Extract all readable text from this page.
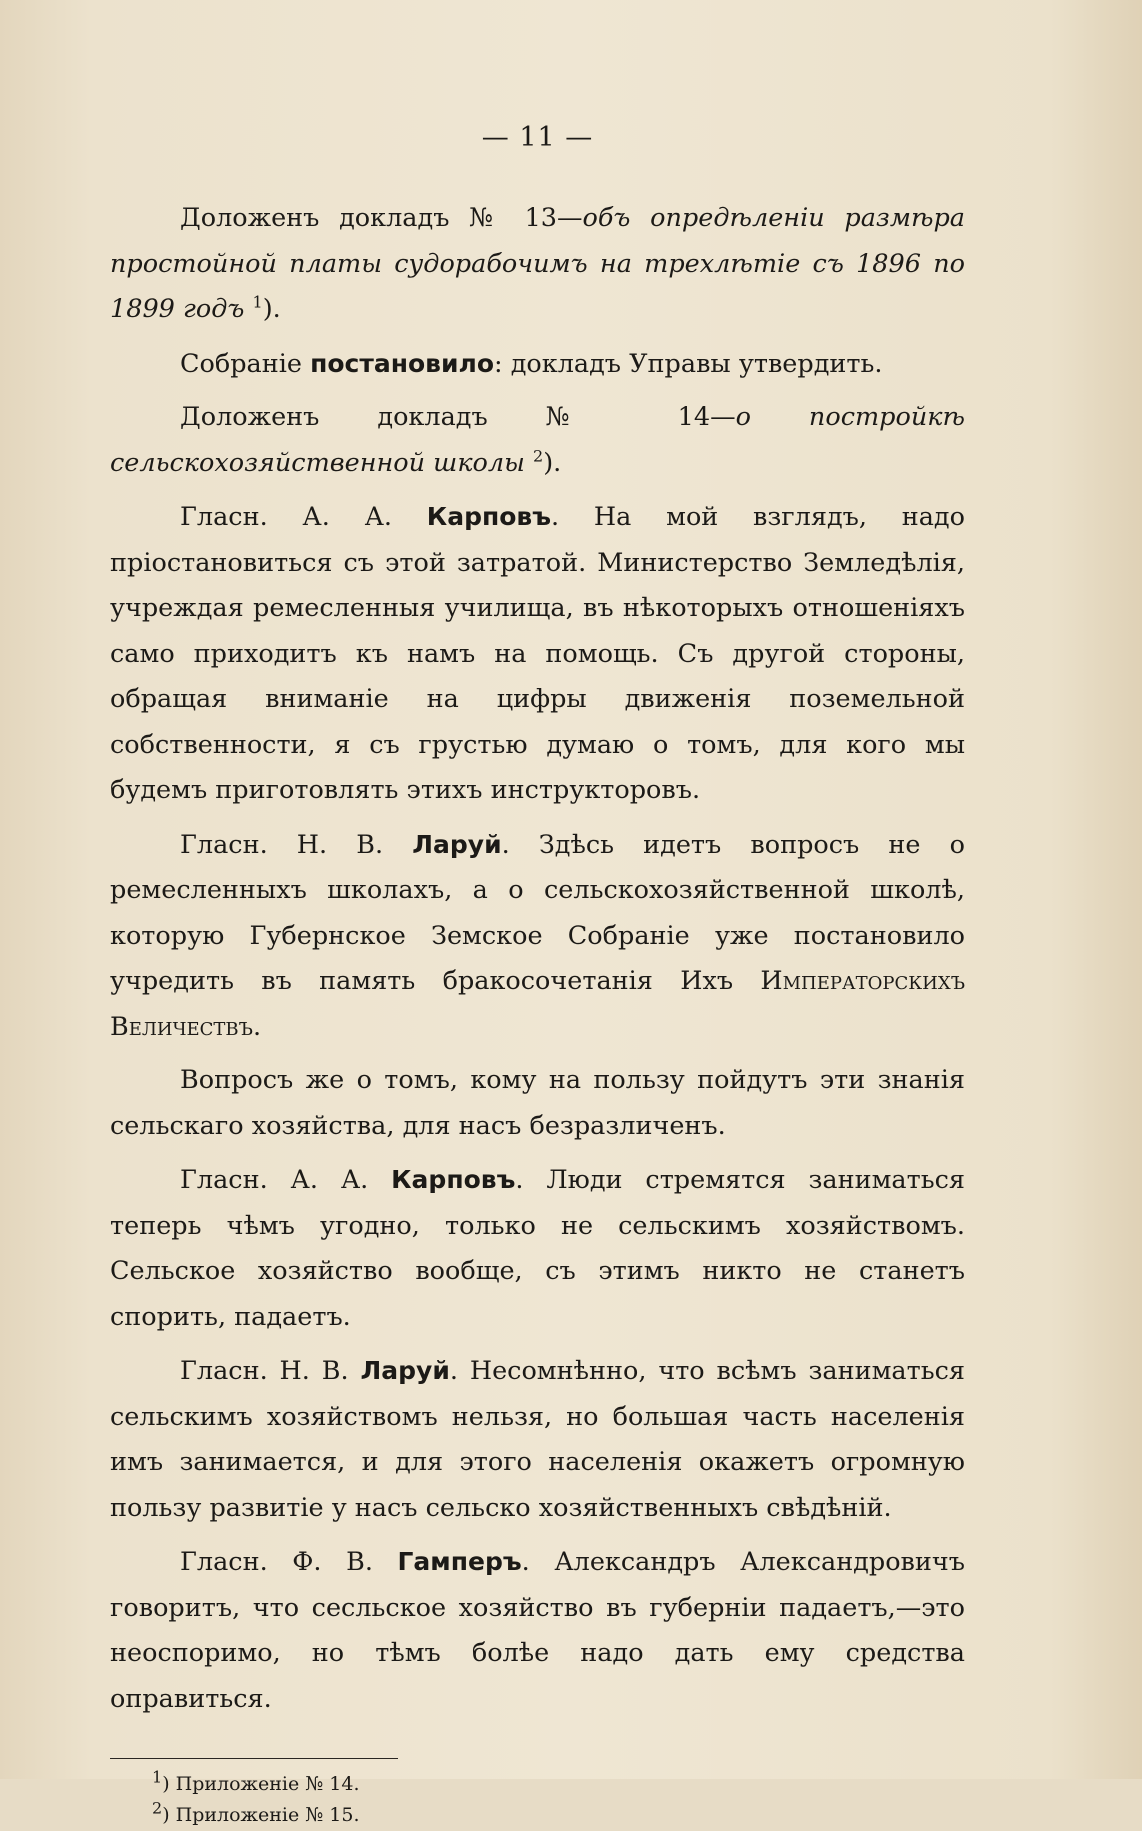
— 11 —

Доложенъ докладъ № 13—объ опредѣленіи размѣра простойной платы судорабочимъ на трехлѣтіе съ 1896 по 1899 годъ $^1$).

Собраніе постановило: докладъ Управы утвердить.

Доложенъ докладъ № 14—о постройкѣ сельскохозяйственной школы $^2$).

Гласн. А. А. Карповъ. На мой взглядъ, надо пріостановиться съ этой затратой. Министерство Земледѣлія, учреждая ремесленныя училища, въ нѣкоторыхъ отношеніяхъ само приходитъ къ намъ на помощь. Съ другой стороны, обращая вниманіе на цифры движенія поземельной собственности, я съ грустью думаю о томъ, для кого мы будемъ приготовлять этихъ инструкторовъ.

Гласн. Н. В. Ларуй. Здѣсь идетъ вопросъ не о ремесленныхъ школахъ, а о сельскохозяйственной школѣ, которую Губернское Земское Собраніе уже постановило учредить въ память бракосочетанія Ихъ Императорскихъ Величествъ.

Вопросъ же о томъ, кому на пользу пойдутъ эти знанія сельскаго хозяйства, для насъ безразличенъ.

Гласн. А. А. Карповъ. Люди стремятся заниматься теперь чѣмъ угодно, только не сельскимъ хозяйствомъ. Сельское хозяйство вообще, съ этимъ никто не станетъ спорить, падаетъ.

Гласн. Н. В. Ларуй. Несомнѣнно, что всѣмъ заниматься сельскимъ хозяйствомъ нельзя, но большая часть населенія имъ занимается, и для этого населенія окажетъ огромную пользу развитіе у насъ сельско хозяйственныхъ свѣдѣній.

Гласн. Ф. В. Гамперъ. Александръ Александровичъ говоритъ, что сесльское хозяйство въ губерніи падаетъ,—это неоспоримо, но тѣмъ болѣе надо дать ему средства оправиться.

$^1$) Приложеніе № 14.
$^2$) Приложеніе № 15.
